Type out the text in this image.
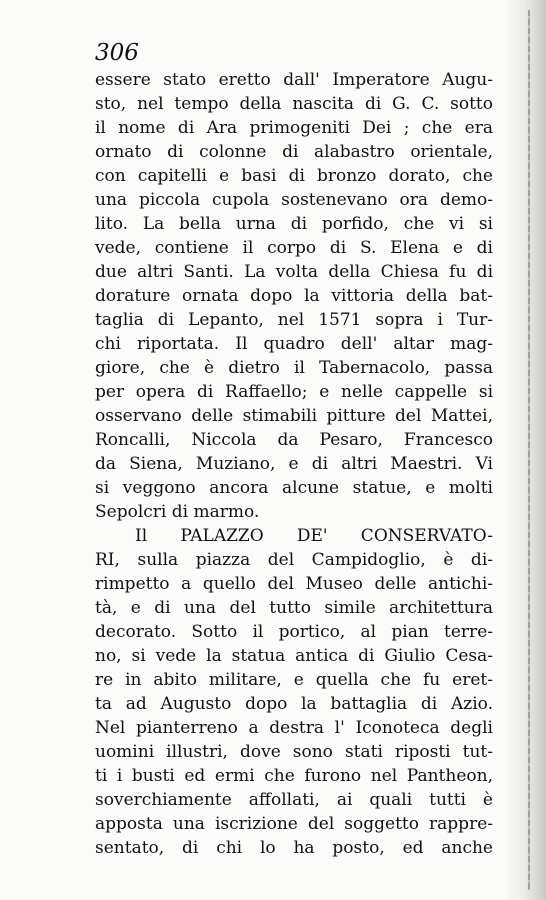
306
essere stato eretto dall' Imperatore Augu-
sto, nel tempo della nascita di G. C. sotto
il nome di Ara primogeniti Dei ; che era
ornato di colonne di alabastro orientale,
con capitelli e basi di bronzo dorato, che
una piccola cupola sostenevano ora demo-
lito. La bella urna di porfido, che vi si
vede, contiene il corpo di S. Elena e di
due altri Santi. La volta della Chiesa fu di
dorature ornata dopo la vittoria della bat-
taglia di Lepanto, nel 1571 sopra i Tur-
chi riportata. Il quadro dell' altar mag-
giore, che è dietro il Tabernacolo, passa
per opera di Raffaello; e nelle cappelle si
osservano delle stimabili pitture del Mattei,
Roncalli, Niccola da Pesaro, Francesco
da Siena, Muziano, e di altri Maestri. Vi
si veggono ancora alcune statue, e molti
Sepolcri di marmo.
Il PALAZZO DE' CONSERVATO-
RI, sulla piazza del Campidoglio, è di-
rimpetto a quello del Museo delle antichi-
tà, e di una del tutto simile architettura
decorato. Sotto il portico, al pian terre-
no, si vede la statua antica di Giulio Cesa-
re in abito militare, e quella che fu eret-
ta ad Augusto dopo la battaglia di Azio.
Nel pianterreno a destra l' Iconoteca degli
uomini illustri, dove sono stati riposti tut-
ti i busti ed ermi che furono nel Pantheon,
soverchiamente affollati, ai quali tutti è
apposta una iscrizione del soggetto rappre-
sentato, di chi lo ha posto, ed anche
